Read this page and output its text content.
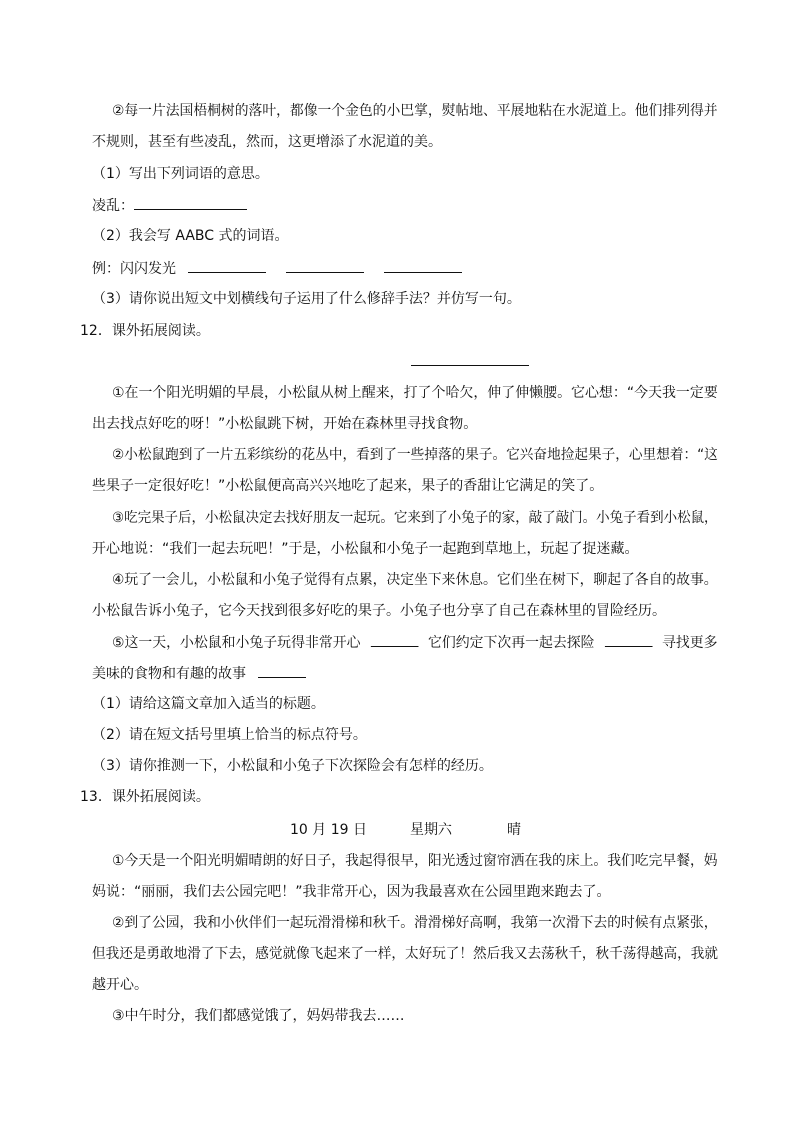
②每一片法国梧桐树的落叶，都像一个金色的小巴掌，熨帖地、平展地粘在水泥道上。他们排列得并
不规则，甚至有些凌乱，然而，这更增添了水泥道的美。
（1）写出下列词语的意思。
凌乱：
（2）我会写 AABC 式的词语。
例：闪闪发光
（3）请你说出短文中划横线句子运用了什么修辞手法？并仿写一句。
12．课外拓展阅读。
①在一个阳光明媚的早晨，小松鼠从树上醒来，打了个哈欠，伸了伸懒腰。它心想：“今天我一定要
出去找点好吃的呀！”小松鼠跳下树，开始在森林里寻找食物。
②小松鼠跑到了一片五彩缤纷的花丛中，看到了一些掉落的果子。它兴奋地捡起果子，心里想着：“这
些果子一定很好吃！”小松鼠便高高兴兴地吃了起来，果子的香甜让它满足的笑了。
③吃完果子后，小松鼠决定去找好朋友一起玩。它来到了小兔子的家，敲了敲门。小兔子看到小松鼠，
开心地说：“我们一起去玩吧！”于是，小松鼠和小兔子一起跑到草地上，玩起了捉迷藏。
④玩了一会儿，小松鼠和小兔子觉得有点累，决定坐下来休息。它们坐在树下，聊起了各自的故事。
小松鼠告诉小兔子，它今天找到很多好吃的果子。小兔子也分享了自己在森林里的冒险经历。
⑤这一天，小松鼠和小兔子玩得非常开心	它们约定下次再一起去探险	寻找更多
美味的食物和有趣的故事
（1）请给这篇文章加入适当的标题。
（2）请在短文括号里填上恰当的标点符号。
（3）请你推测一下，小松鼠和小兔子下次探险会有怎样的经历。
13．课外拓展阅读。
10 月 19 日	星期六	晴
①今天是一个阳光明媚晴朗的好日子，我起得很早，阳光透过窗帘洒在我的床上。我们吃完早餐，妈
妈说：“丽丽，我们去公园完吧！”我非常开心，因为我最喜欢在公园里跑来跑去了。
②到了公园，我和小伙伴们一起玩滑滑梯和秋千。滑滑梯好高啊，我第一次滑下去的时候有点紧张，
但我还是勇敢地滑了下去，感觉就像飞起来了一样，太好玩了！然后我又去荡秋千，秋千荡得越高，我就
越开心。
③中午时分，我们都感觉饿了，妈妈带我去……
